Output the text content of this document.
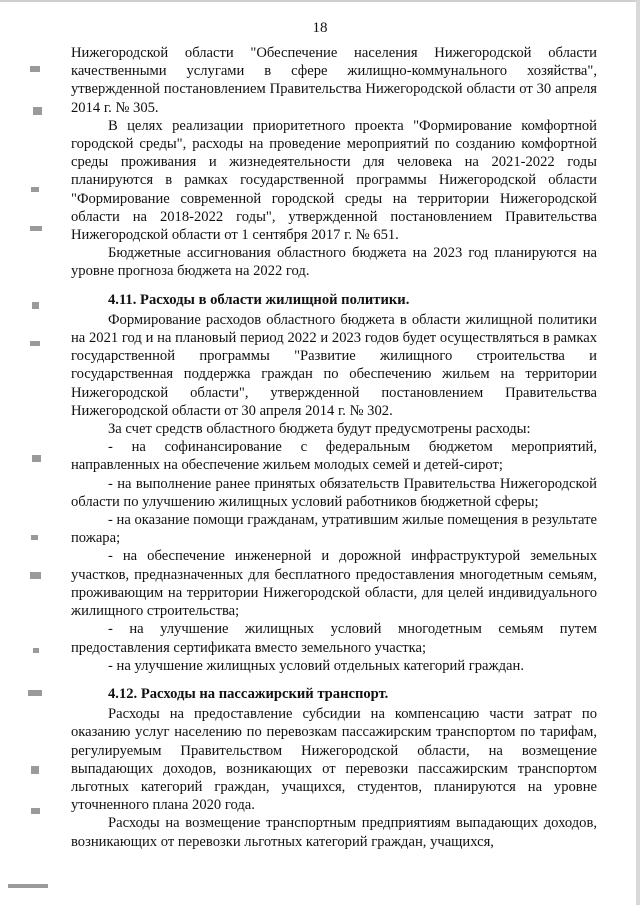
18

Нижегородской области "Обеспечение населения Нижегородской области качественными услугами в сфере жилищно-коммунального хозяйства", утвержденной постановлением Правительства Нижегородской области от 30 апреля 2014 г. № 305.

В целях реализации приоритетного проекта "Формирование комфортной городской среды", расходы на проведение мероприятий по созданию комфортной среды проживания и жизнедеятельности для человека на 2021-2022 годы планируются в рамках государственной программы Нижегородской области "Формирование современной городской среды на территории Нижегородской области на 2018-2022 годы", утвержденной постановлением Правительства Нижегородской области от 1 сентября 2017 г. № 651.

Бюджетные ассигнования областного бюджета на 2023 год планируются на уровне прогноза бюджета на 2022 год.

4.11. Расходы в области жилищной политики.

Формирование расходов областного бюджета в области жилищной политики на 2021 год и на плановый период 2022 и 2023 годов будет осуществляться в рамках государственной программы "Развитие жилищного строительства и государственная поддержка граждан по обеспечению жильем на территории Нижегородской области", утвержденной постановлением Правительства Нижегородской области от 30 апреля 2014 г. № 302.

За счет средств областного бюджета будут предусмотрены расходы:

- на софинансирование с федеральным бюджетом мероприятий, направленных на обеспечение жильем молодых семей и детей-сирот;

- на выполнение ранее принятых обязательств Правительства Нижегородской области по улучшению жилищных условий работников бюджетной сферы;

- на оказание помощи гражданам, утратившим жилые помещения в результате пожара;

- на обеспечение инженерной и дорожной инфраструктурой земельных участков, предназначенных для бесплатного предоставления многодетным семьям, проживающим на территории Нижегородской области, для целей индивидуального жилищного строительства;

- на улучшение жилищных условий многодетным семьям путем предоставления сертификата вместо земельного участка;

- на улучшение жилищных условий отдельных категорий граждан.

4.12. Расходы на пассажирский транспорт.

Расходы на предоставление субсидии на компенсацию части затрат по оказанию услуг населению по перевозкам пассажирским транспортом по тарифам, регулируемым Правительством Нижегородской области, на возмещение выпадающих доходов, возникающих от перевозки пассажирским транспортом льготных категорий граждан, учащихся, студентов, планируются на уровне уточненного плана 2020 года.

Расходы на возмещение транспортным предприятиям выпадающих доходов, возникающих от перевозки льготных категорий граждан, учащихся,
